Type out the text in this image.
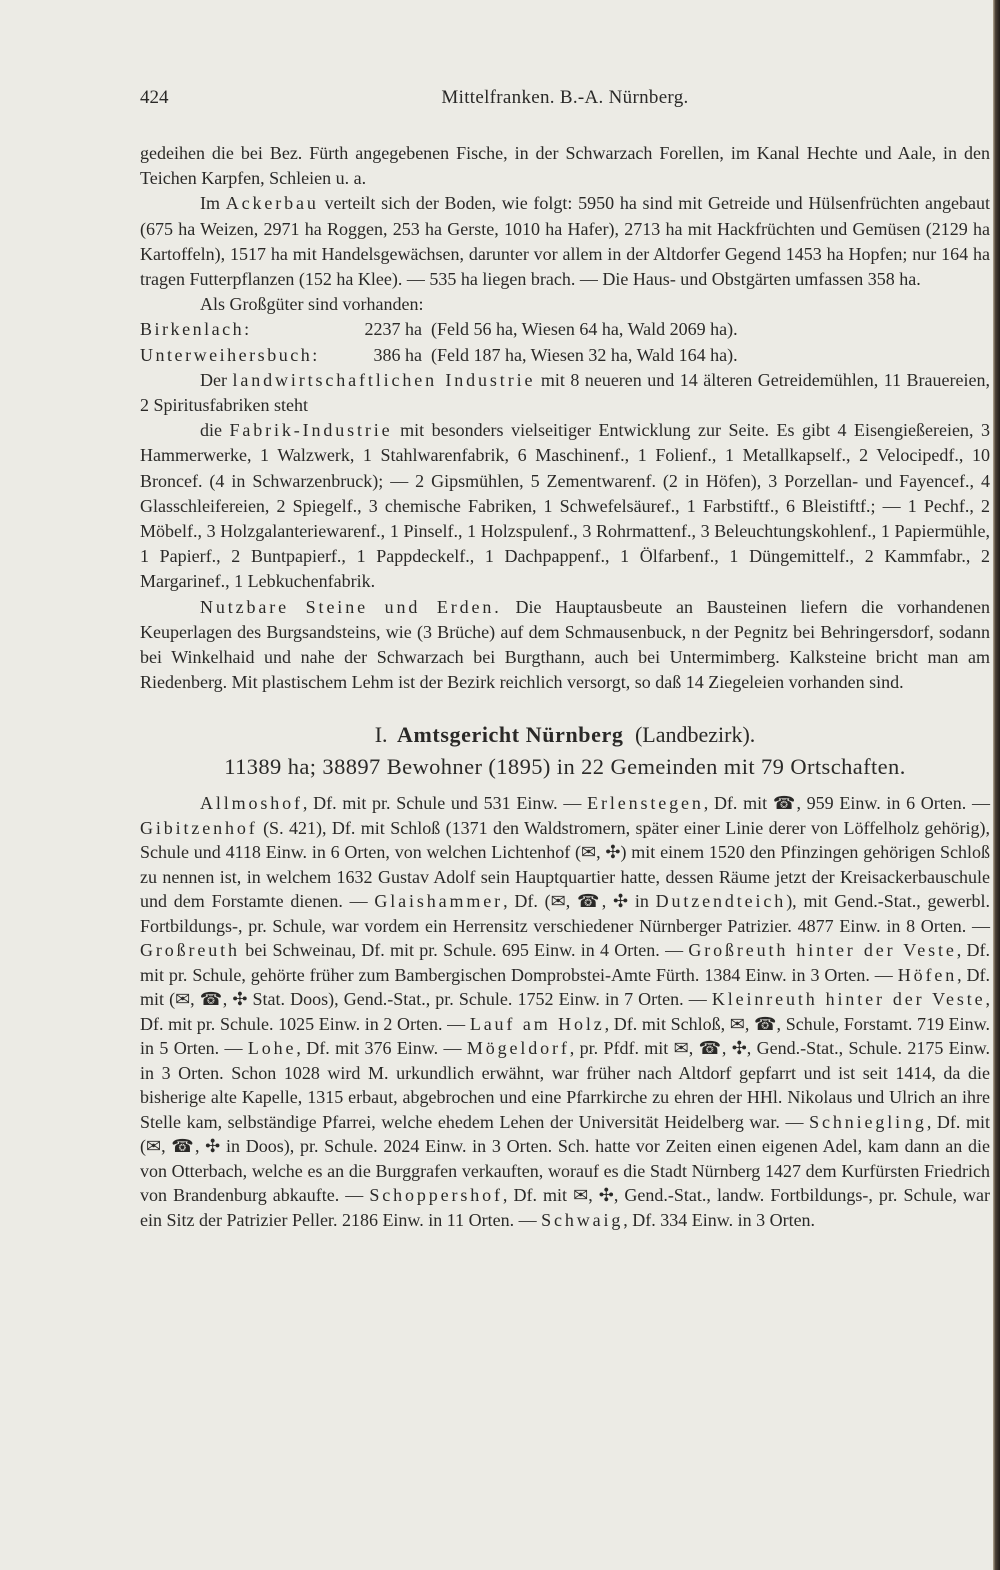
424	Mittelfranken. B.-A. Nürnberg.

gedeihen die bei Bez. Fürth angegebenen Fische, in der Schwarzach Forellen, im Kanal Hechte und Aale, in den Teichen Karpfen, Schleien u. a.

Im Ackerbau verteilt sich der Boden, wie folgt: 5950 ha sind mit Getreide und Hülsenfrüchten angebaut (675 ha Weizen, 2971 ha Roggen, 253 ha Gerste, 1010 ha Hafer), 2713 ha mit Hackfrüchten und Gemüsen (2129 ha Kartoffeln), 1517 ha mit Handelsgewächsen, darunter vor allem in der Altdorfer Gegend 1453 ha Hopfen; nur 164 ha tragen Futterpflanzen (152 ha Klee). — 535 ha liegen brach. — Die Haus- und Obstgärten umfassen 358 ha.

Als Großgüter sind vorhanden:

Birkenlach:	2237 ha (Feld 56 ha, Wiesen 64 ha, Wald 2069 ha).
Unterweihersbuch:	386 ha (Feld 187 ha, Wiesen 32 ha, Wald 164 ha).

Der landwirtschaftlichen Industrie mit 8 neueren und 14 älteren Getreidemühlen, 11 Brauereien, 2 Spiritusfabriken steht

die Fabrik-Industrie mit besonders vielseitiger Entwicklung zur Seite. Es gibt 4 Eisengießereien, 3 Hammerwerke, 1 Walzwerk, 1 Stahlwarenfabrik, 6 Maschinenf., 1 Folienf., 1 Metallkapself., 2 Velocipedf., 10 Broncef. (4 in Schwarzenbruck); — 2 Gipsmühlen, 5 Zementwarenf. (2 in Höfen), 3 Porzellan- und Fayencef., 4 Glasschleifereien, 2 Spiegelf., 3 chemische Fabriken, 1 Schwefelsäuref., 1 Farbstiftf., 6 Bleistiftf.; — 1 Pechf., 2 Möbelf., 3 Holzgalanteriewarenf., 1 Pinself., 1 Holzspulenf., 3 Rohrmattenf., 3 Beleuchtungskohlenf., 1 Papiermühle, 1 Papierf., 2 Buntpapierf., 1 Pappdeckelf., 1 Dachpappenf., 1 Ölfarbenf., 1 Düngemittelf., 2 Kammfabr., 2 Margarinef., 1 Lebkuchenfabrik.

Nutzbare Steine und Erden. Die Hauptausbeute an Bausteinen liefern die vorhandenen Keuperlagen des Burgsandsteins, wie (3 Brüche) auf dem Schmausenbuck, n der Pegnitz bei Behringersdorf, sodann bei Winkelhaid und nahe der Schwarzach bei Burgthann, auch bei Untermimberg. Kalksteine bricht man am Riedenberg. Mit plastischem Lehm ist der Bezirk reichlich versorgt, so daß 14 Ziegeleien vorhanden sind.

I. Amtsgericht Nürnberg (Landbezirk).
11389 ha; 38897 Bewohner (1895) in 22 Gemeinden mit 79 Ortschaften.

Allmoshof, Df. mit pr. Schule und 531 Einw. — Erlenstegen, Df. mit ☎, 959 Einw. in 6 Orten. — Gibitzenhof (S. 421), Df. mit Schloß (1371 den Waldstromern, später einer Linie derer von Löffelholz gehörig), Schule und 4118 Einw. in 6 Orten, von welchen Lichtenhof (✉, ✣) mit einem 1520 den Pfinzingen gehörigen Schloß zu nennen ist, in welchem 1632 Gustav Adolf sein Hauptquartier hatte, dessen Räume jetzt der Kreisackerbauschule und dem Forstamte dienen. — Glaishammer, Df. (✉, ☎, ✣ in Dutzendteich), mit Gend.-Stat., gewerbl. Fortbildungs-, pr. Schule, war vordem ein Herrensitz verschiedener Nürnberger Patrizier. 4877 Einw. in 8 Orten. — Großreuth bei Schweinau, Df. mit pr. Schule. 695 Einw. in 4 Orten. — Großreuth hinter der Veste, Df. mit pr. Schule, gehörte früher zum Bambergischen Domprobstei-Amte Fürth. 1384 Einw. in 3 Orten. — Höfen, Df. mit (✉, ☎, ✣ Stat. Doos), Gend.-Stat., pr. Schule. 1752 Einw. in 7 Orten. — Kleinreuth hinter der Veste, Df. mit pr. Schule. 1025 Einw. in 2 Orten. — Lauf am Holz, Df. mit Schloß, ✉, ☎, Schule, Forstamt. 719 Einw. in 5 Orten. — Lohe, Df. mit 376 Einw. — Mögeldorf, pr. Pfdf. mit ✉, ☎, ✣, Gend.-Stat., Schule. 2175 Einw. in 3 Orten. Schon 1028 wird M. urkundlich erwähnt, war früher nach Altdorf gepfarrt und ist seit 1414, da die bisherige alte Kapelle, 1315 erbaut, abgebrochen und eine Pfarrkirche zu ehren der HHl. Nikolaus und Ulrich an ihre Stelle kam, selbständige Pfarrei, welche ehedem Lehen der Universität Heidelberg war. — Schniegling, Df. mit (✉, ☎, ✣ in Doos), pr. Schule. 2024 Einw. in 3 Orten. Sch. hatte vor Zeiten einen eigenen Adel, kam dann an die von Otterbach, welche es an die Burggrafen verkauften, worauf es die Stadt Nürnberg 1427 dem Kurfürsten Friedrich von Brandenburg abkaufte. — Schoppershof, Df. mit ✉, ✣, Gend.-Stat., landw. Fortbildungs-, pr. Schule, war ein Sitz der Patrizier Peller. 2186 Einw. in 11 Orten. — Schwaig, Df. 334 Einw. in 3 Orten.
